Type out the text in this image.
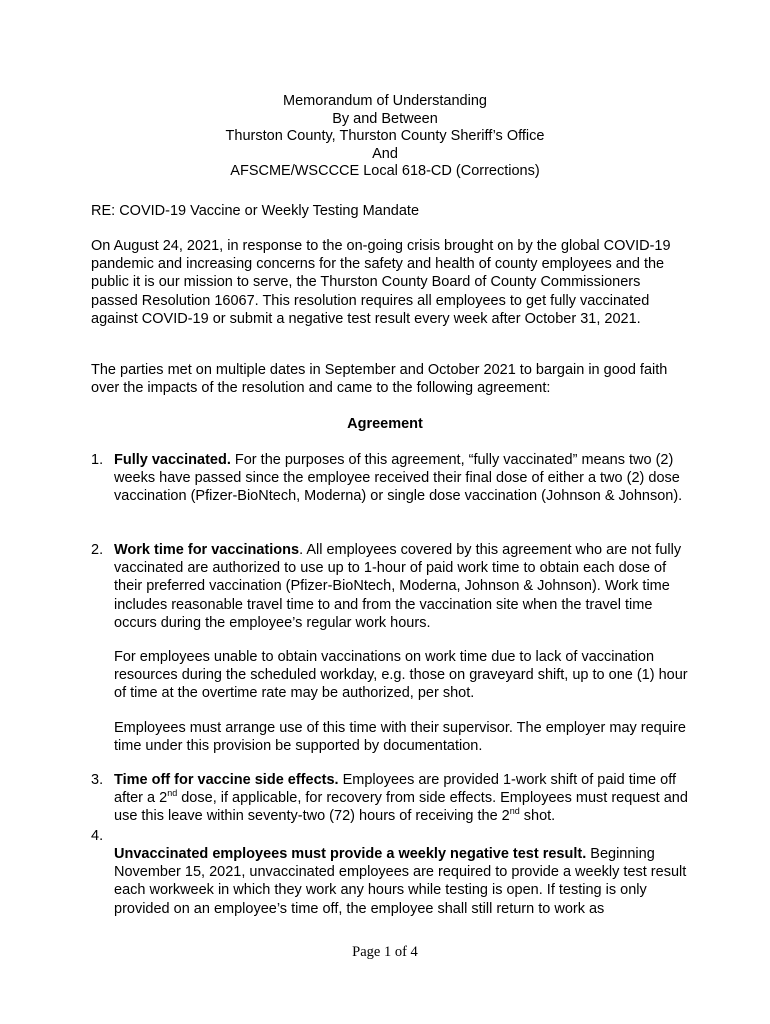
Memorandum of Understanding
By and Between
Thurston County, Thurston County Sheriff’s Office
And
AFSCME/WSCCCE Local 618-CD (Corrections)
RE: COVID-19 Vaccine or Weekly Testing Mandate
On August 24, 2021, in response to the on-going crisis brought on by the global COVID-19 pandemic and increasing concerns for the safety and health of county employees and the public it is our mission to serve, the Thurston County Board of County Commissioners passed Resolution 16067. This resolution requires all employees to get fully vaccinated against COVID-19 or submit a negative test result every week after October 31, 2021.
The parties met on multiple dates in September and October 2021 to bargain in good faith over the impacts of the resolution and came to the following agreement:
Agreement
1. Fully vaccinated. For the purposes of this agreement, “fully vaccinated” means two (2) weeks have passed since the employee received their final dose of either a two (2) dose vaccination (Pfizer-BioNtech, Moderna) or single dose vaccination (Johnson & Johnson).
2. Work time for vaccinations. All employees covered by this agreement who are not fully vaccinated are authorized to use up to 1-hour of paid work time to obtain each dose of their preferred vaccination (Pfizer-BioNtech, Moderna, Johnson & Johnson). Work time includes reasonable travel time to and from the vaccination site when the travel time occurs during the employee’s regular work hours.
For employees unable to obtain vaccinations on work time due to lack of vaccination resources during the scheduled workday, e.g. those on graveyard shift, up to one (1) hour of time at the overtime rate may be authorized, per shot.
Employees must arrange use of this time with their supervisor. The employer may require time under this provision be supported by documentation.
3. Time off for vaccine side effects. Employees are provided 1-work shift of paid time off after a 2nd dose, if applicable, for recovery from side effects. Employees must request and use this leave within seventy-two (72) hours of receiving the 2nd shot.
4.
Unvaccinated employees must provide a weekly negative test result. Beginning November 15, 2021, unvaccinated employees are required to provide a weekly test result each workweek in which they work any hours while testing is open. If testing is only provided on an employee’s time off, the employee shall still return to work as
Page 1 of 4
